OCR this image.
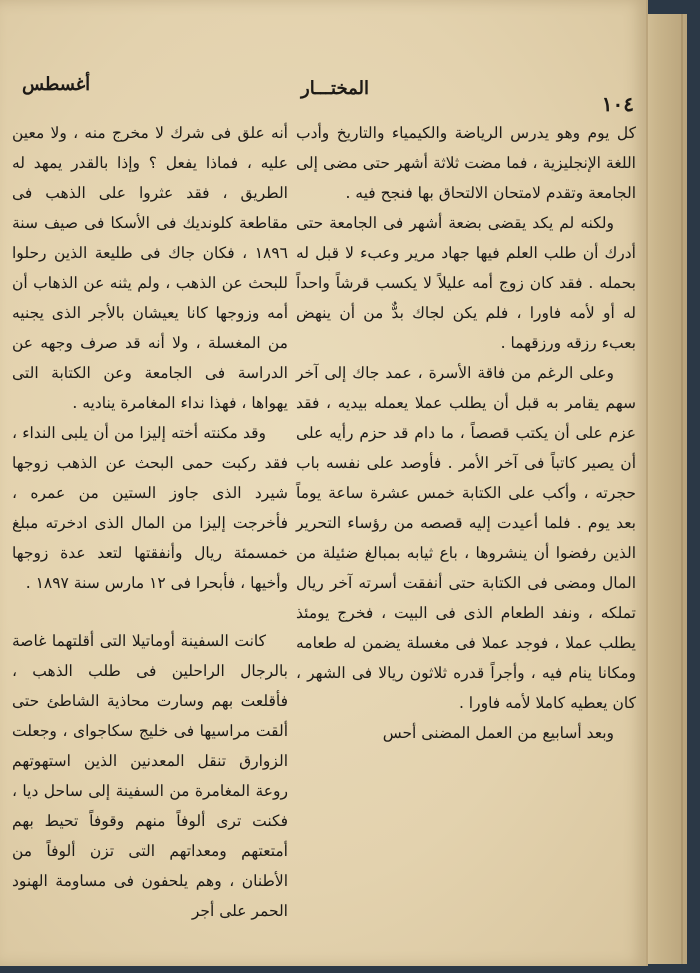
١٠٤
المختـــار
أغسطس

كل يوم وهو يدرس الرياضة والكيمياء والتاريخ وأدب اللغة الإنجليزية ، فما مضت ثلاثة أشهر حتى مضى إلى الجامعة وتقدم لامتحان الالتحاق بها فنجح فيه .

ولكنه لم يكد يقضى بضعة أشهر فى الجامعة حتى أدرك أن طلب العلم فيها جهاد مرير وعبء لا قبل له بحمله . فقد كان زوج أمه عليلاً لا يكسب قرشاً واحداً له أو لأمه فاورا ، فلم يكن لجاك بدٌّ من أن ينهض بعبء رزقه ورزقهما .

وعلى الرغم من فاقة الأسرة ، عمد جاك إلى آخر سهم يقامر به قبل أن يطلب عملا يعمله بيديه ، فقد عزم على أن يكتب قصصاً ، ما دام قد حزم رأيه على أن يصير كاتباً فى آخر الأمر . فأوصد على نفسه باب حجرته ، وأكب على الكتابة خمس عشرة ساعة يوماً بعد يوم . فلما أعيدت إليه قصصه من رؤساء التحرير الذين رفضوا أن ينشروها ، باع ثيابه بمبالغ ضئيلة من المال ومضى فى الكتابة حتى أنفقت أسرته آخر ريال تملكه ، ونفد الطعام الذى فى البيت ، فخرج يومئذ يطلب عملا ، فوجد عملا فى مغسلة يضمن له طعامه ومكانا ينام فيه ، وأجراً قدره ثلاثون ريالا فى الشهر ، كان يعطيه كاملا لأمه فاورا .

وبعد أسابيع من العمل المضنى أحس

أنه علق فى شرك لا مخرج منه ، ولا معين عليه ، فماذا يفعل ؟ وإذا بالقدر يمهد له الطريق ، فقد عثروا على الذهب فى مقاطعة كلونديك فى الأسكا فى صيف سنة ١٨٩٦ ، فكان جاك فى طليعة الذين رحلوا للبحث عن الذهب ، ولم يثنه عن الذهاب أن أمه وزوجها كانا يعيشان بالأجر الذى يجنيه من المغسلة ، ولا أنه قد صرف وجهه عن الدراسة فى الجامعة وعن الكتابة التى يهواها ، فهذا نداء المغامرة يناديه .

وقد مكنته أخته إليزا من أن يلبى النداء ، فقد ركبت حمى البحث عن الذهب زوجها شيرد الذى جاوز الستين من عمره ، فأخرجت إليزا من المال الذى ادخرته مبلغ خمسمئة ريال وأنفقتها لتعد عدة زوجها وأخيها ، فأبحرا فى ١٢ مارس سنة ١٨٩٧ .

كانت السفينة أوماتيلا التى أقلتهما غاصة بالرجال الراحلين فى طلب الذهب ، فأقلعت بهم وسارت محاذية الشاطئ حتى ألقت مراسيها فى خليج سكاجواى ، وجعلت الزوارق تنقل المعدنين الذين استهوتهم روعة المغامرة من السفينة إلى ساحل ديا ، فكنت ترى ألوفاً منهم وقوفاً تحيط بهم أمتعتهم ومعداتهم التى تزن ألوفاً من الأطنان ، وهم يلحفون فى مساومة الهنود الحمر على أجر
